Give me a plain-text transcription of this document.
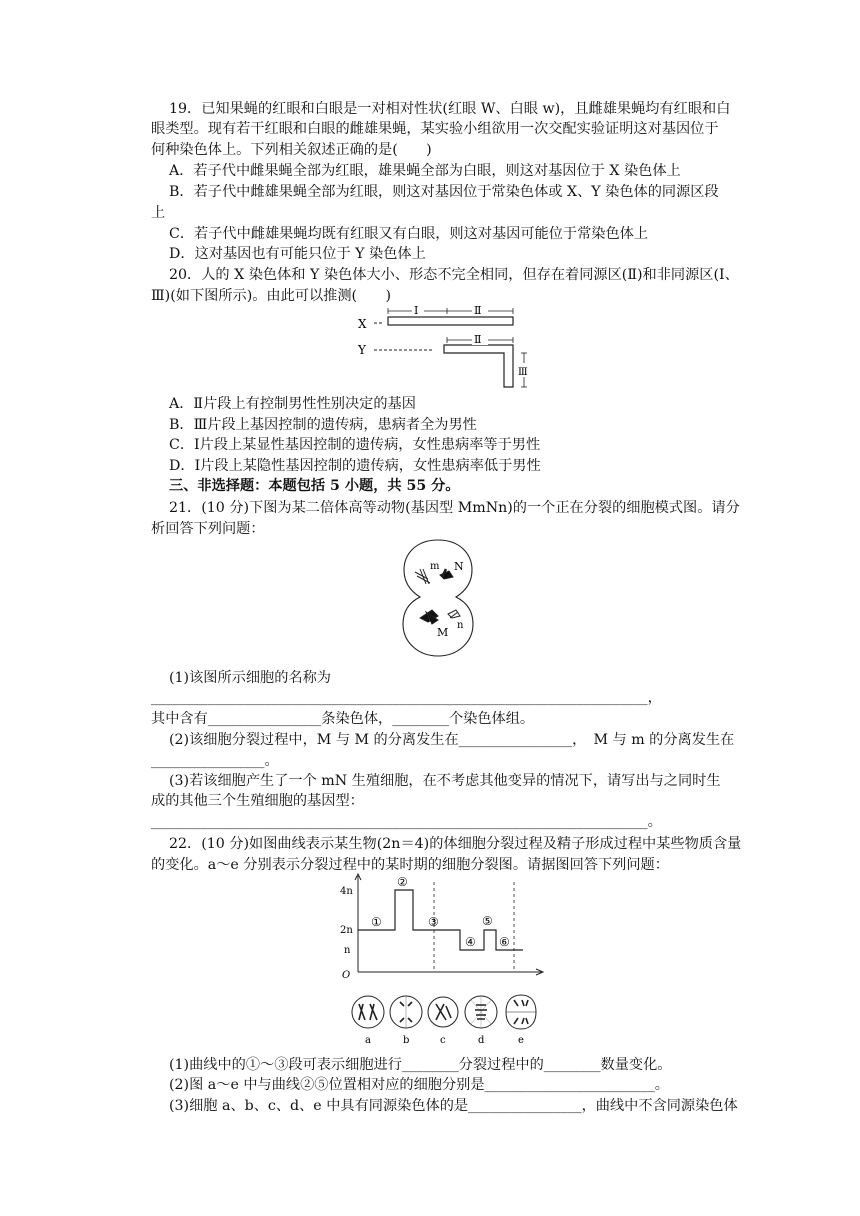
19．已知果蝇的红眼和白眼是一对相对性状(红眼 W、白眼 w)，且雌雄果蝇均有红眼和白
眼类型。现有若干红眼和白眼的雌雄果蝇，某实验小组欲用一次交配实验证明这对基因位于
何种染色体上。下列相关叙述正确的是(　　)
A．若子代中雌果蝇全部为红眼，雄果蝇全部为白眼，则这对基因位于 X 染色体上
B．若子代中雌雄果蝇全部为红眼，则这对基因位于常染色体或 X、Y 染色体的同源区段
上
C．若子代中雌雄果蝇均既有红眼又有白眼，则这对基因可能位于常染色体上
D．这对基因也有可能只位于 Y 染色体上
20．人的 X 染色体和 Y 染色体大小、形态不完全相同，但存在着同源区(Ⅱ)和非同源区(Ⅰ、
Ⅲ)(如下图所示)。由此可以推测(　　)
X
Ⅰ	Ⅱ
Y
Ⅱ
Ⅲ
A．Ⅱ片段上有控制男性性别决定的基因
B．Ⅲ片段上基因控制的遗传病，患病者全为男性
C．Ⅰ片段上某显性基因控制的遗传病，女性患病率等于男性
D．Ⅰ片段上某隐性基因控制的遗传病，女性患病率低于男性
三、非选择题：本题包括 5 小题，共 55 分。
21．(10 分)下图为某二倍体高等动物(基因型 MmNn)的一个正在分裂的细胞模式图。请分
析回答下列问题：
m N
M
n
(1)该图所示细胞的名称为
______________________________________________________________________，
其中含有________________条染色体，________个染色体组。
(2)该细胞分裂过程中，M 与 M 的分离发生在________________，　M 与 m 的分离发生在
________________。
(3)若该细胞产生了一个 mN 生殖细胞，在不考虑其他变异的情况下，请写出与之同时生
成的其他三个生殖细胞的基因型：
______________________________________________________________________。
22．(10 分)如图曲线表示某生物(2n＝4)的体细胞分裂过程及精子形成过程中某些物质含量
的变化。a～e 分别表示分裂过程中的某时期的细胞分裂图。请据图回答下列问题：
4n
2n
n
O
①
②
③
④
⑤
⑥
a	b	c	d	e
(1)曲线中的①～③段可表示细胞进行________分裂过程中的________数量变化。
(2)图 a～e 中与曲线②⑤位置相对应的细胞分别是________________________。
(3)细胞 a、b、c、d、e 中具有同源染色体的是________________，曲线中不含同源染色体
